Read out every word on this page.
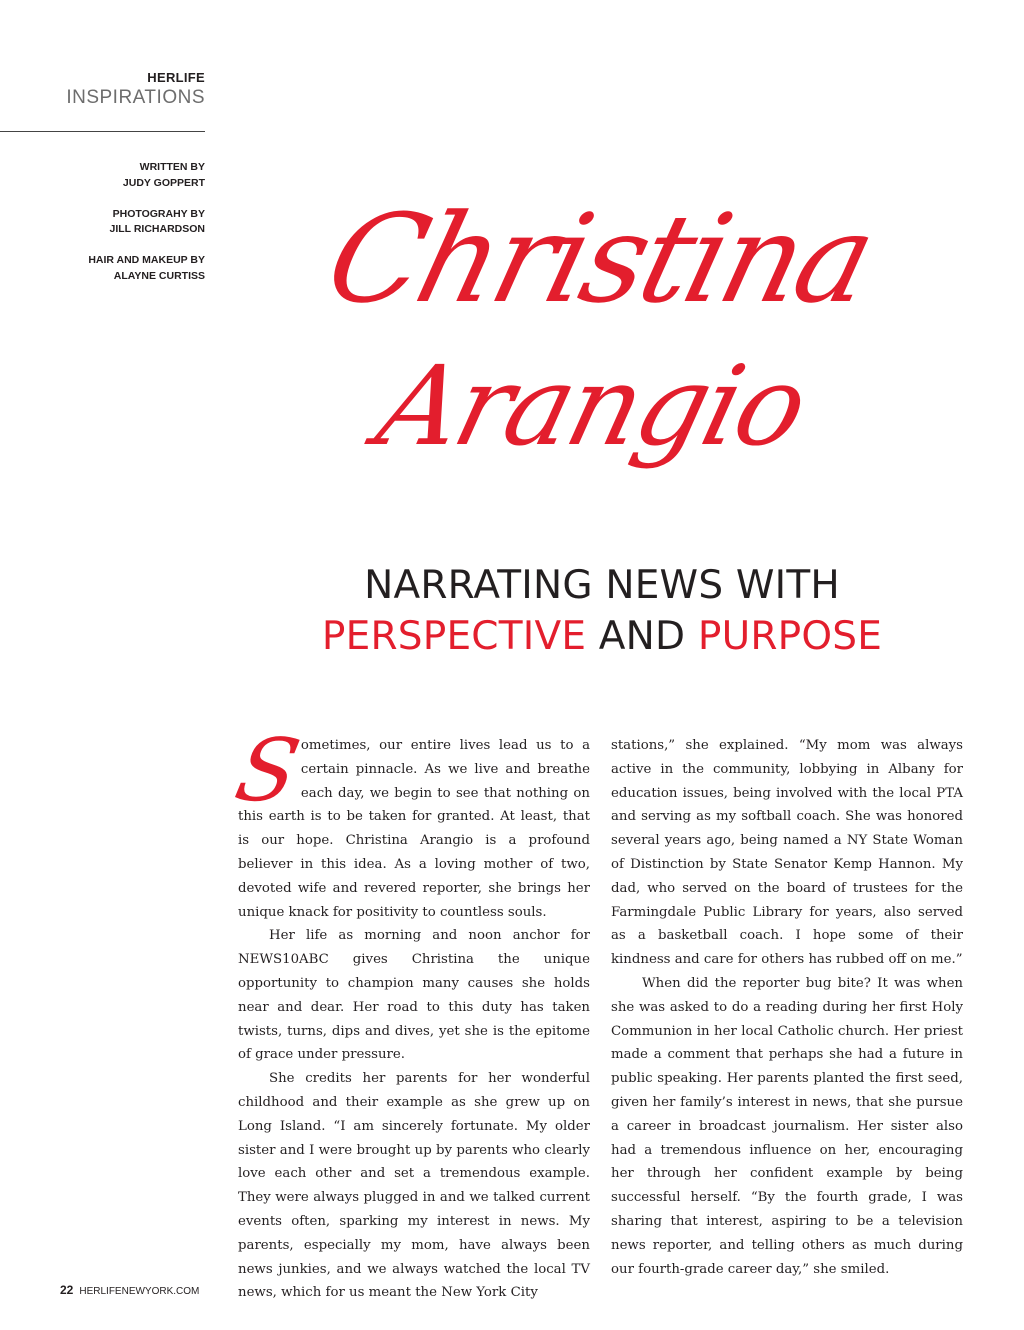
HERLIFE
INSPIRATIONS
WRITTEN BY
JUDY GOPPERT
PHOTOGRAHY BY
JILL RICHARDSON
HAIR AND MAKEUP BY
ALAYNE CURTISS Christina
Arangio
NARRATING NEWS WITH
PERSPECTIVE AND PURPOSE

S
ometimes, our entire lives lead us to a certain pinnacle. As we live and breathe each day, we begin to see that nothing on this earth is to be taken for granted. At least, that is our hope. Christina Arangio is a profound believer in this idea. As a loving mother of two, devoted wife and revered reporter, she brings her unique knack for positivity to countless souls.

Her life as morning and noon anchor for NEWS10ABC gives Christina the unique opportunity to champion many causes she holds near and dear. Her road to this duty has taken twists, turns, dips and dives, yet she is the epitome of grace under pressure.

She credits her parents for her wonderful childhood and their example as she grew up on Long Island. “I am sincerely fortunate. My older sister and I were brought up by parents who clearly love each other and set a tremendous example. They were always plugged in and we talked current events often, sparking my interest in news. My parents, especially my mom, have always been news junkies, and we always watched the local TV news, which for us meant the New York City

stations,” she explained. “My mom was always active in the community, lobbying in Albany for education issues, being involved with the local PTA and serving as my softball coach. She was honored several years ago, being named a NY State Woman of Distinction by State Senator Kemp Hannon. My dad, who served on the board of trustees for the Farmingdale Public Library for years, also served as a basketball coach. I hope some of their kindness and care for others has rubbed off on me.”

When did the reporter bug bite? It was when she was asked to do a reading during her first Holy Communion in her local Catholic church. Her priest made a comment that perhaps she had a future in public speaking. Her parents planted the first seed, given her family’s interest in news, that she pursue a career in broadcast journalism. Her sister also had a tremendous influence on her, encouraging her through her confident example by being successful herself. “By the fourth grade, I was sharing that interest, aspiring to be a television news reporter, and telling others as much during our fourth-grade career day,” she smiled.

22 HERLIFENEWYORK.COM
